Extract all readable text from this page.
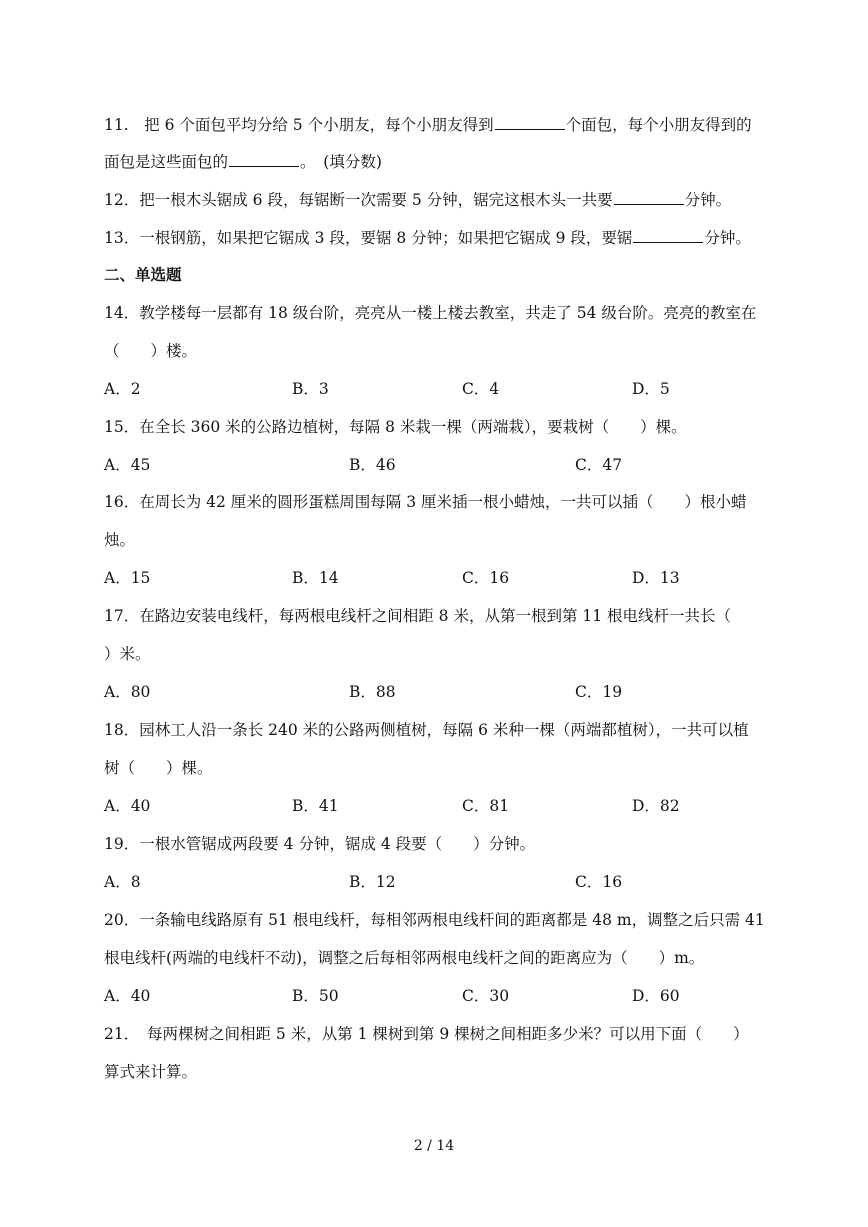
11.　把 6 个面包平均分给 5 个小朋友，每个小朋友得到	个面包，每个小朋友得到的
面包是这些面包的	。　(填分数)
12．把一根木头锯成 6 段，每锯断一次需要 5 分钟，锯完这根木头一共要	分钟。
13．一根钢筋，如果把它锯成 3 段，要锯 8 分钟；如果把它锯成 9 段，要锯	分钟。
二、单选题
14．教学楼每一层都有 18 级台阶，亮亮从一楼上楼去教室，共走了 54 级台阶。亮亮的教室在
（　　）楼。
A．2	B．3	C．4	D．5
15．在全长 360 米的公路边植树，每隔 8 米栽一棵（两端栽），要栽树（　　）棵。
A．45	B．46	C．47
16．在周长为 42 厘米的圆形蛋糕周围每隔 3 厘米插一根小蜡烛，一共可以插（　　）根小蜡
烛。
A．15	B．14	C．16	D．13
17．在路边安装电线杆，每两根电线杆之间相距 8 米，从第一根到第 11 根电线杆一共长（
）米。
A．80	B．88	C．19
18．园林工人沿一条长 240 米的公路两侧植树，每隔 6 米种一棵（两端都植树），一共可以植
树（　　）棵。
A．40	B．41	C．81	D．82
19．一根水管锯成两段要 4 分钟，锯成 4 段要（　　）分钟。
A．8	B．12	C．16
20．一条输电线路原有 51 根电线杆，每相邻两根电线杆间的距离都是 48 m，调整之后只需 41
根电线杆(两端的电线杆不动)，调整之后每相邻两根电线杆之间的距离应为（　　）m。
A．40	B．50	C．30	D．60
21．　每两棵树之间相距 5 米，从第 1 棵树到第 9 棵树之间相距多少米？可以用下面（　　）
算式来计算。
2 / 14
